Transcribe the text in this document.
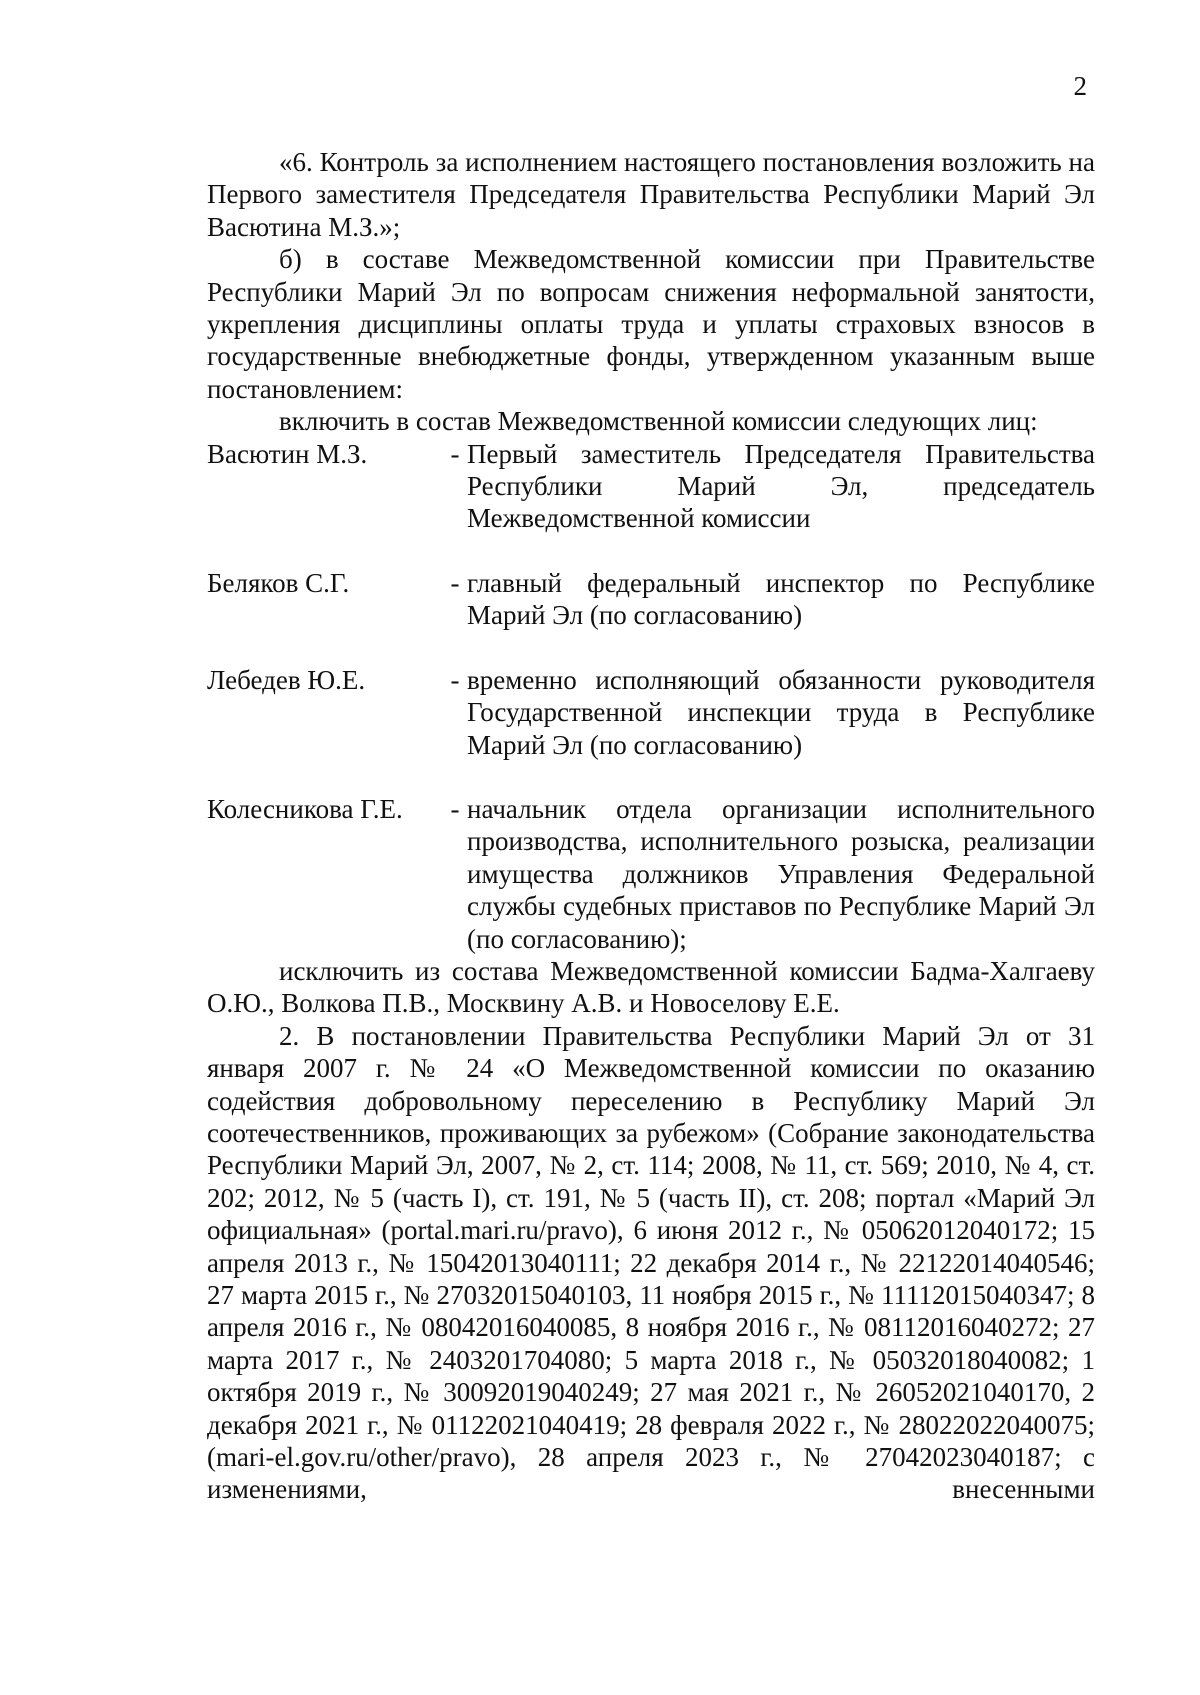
2

«6. Контроль за исполнением настоящего постановления возложить на Первого заместителя Председателя Правительства Республики Марий Эл Васютина М.З.»;

б) в составе Межведомственной комиссии при Правительстве Республики Марий Эл по вопросам снижения неформальной занятости, укрепления дисциплины оплаты труда и уплаты страховых взносов в государственные внебюджетные фонды, утвержденном указанным выше постановлением:

включить в состав Межведомственной комиссии следующих лиц:

Васютин М.З.	- Первый заместитель Председателя Правительства Республики Марий Эл, председатель Межведомственной комиссии
Беляков С.Г.	- главный федеральный инспектор по Республике Марий Эл (по согласованию)
Лебедев Ю.Е.	- временно исполняющий обязанности руководителя Государственной инспекции труда в Республике Марий Эл (по согласованию)
Колесникова Г.Е.	- начальник отдела организации исполнительного производства, исполнительного розыска, реализации имущества должников Управления Федеральной службы судебных приставов по Республике Марий Эл (по согласованию);

исключить из состава Межведомственной комиссии Бадма-Халгаеву О.Ю., Волкова П.В., Москвину А.В. и Новоселову Е.Е.

2. В постановлении Правительства Республики Марий Эл от 31 января 2007 г. № 24 «О Межведомственной комиссии по оказанию содействия добровольному переселению в Республику Марий Эл соотечественников, проживающих за рубежом» (Собрание законодательства Республики Марий Эл, 2007, № 2, ст. 114; 2008, № 11, ст. 569; 2010, № 4, ст. 202; 2012, № 5 (часть I), ст. 191, № 5 (часть II), ст. 208; портал «Марий Эл официальная» (portal.mari.ru/pravo), 6 июня 2012 г., № 05062012040172; 15 апреля 2013 г., № 15042013040111; 22 декабря 2014 г., № 22122014040546; 27 марта 2015 г., № 27032015040103, 11 ноября 2015 г., № 11112015040347; 8 апреля 2016 г., № 08042016040085, 8 ноября 2016 г., № 08112016040272; 27 марта 2017 г., № 2403201704080; 5 марта 2018 г., № 05032018040082; 1 октября 2019 г., № 30092019040249; 27 мая 2021 г., № 26052021040170, 2 декабря 2021 г., № 01122021040419; 28 февраля 2022 г., № 28022022040075; (mari-el.gov.ru/other/pravo), 28 апреля 2023 г., № 27042023040187; с изменениями, внесенными
